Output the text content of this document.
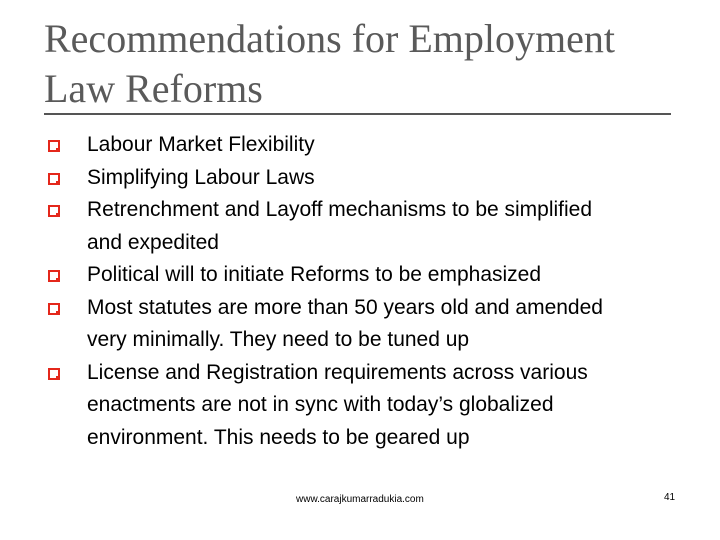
Recommendations for Employment
Law Reforms
Labour Market Flexibility
Simplifying Labour Laws
Retrenchment and Layoff mechanisms to be simplified
and expedited
Political will to initiate Reforms to be emphasized
Most statutes are more than 50 years old and amended
very minimally. They need to be tuned up
License and Registration requirements across various
enactments are not in sync with today’s globalized
environment. This needs to be geared up
www.carajkumarradukia.com	41
